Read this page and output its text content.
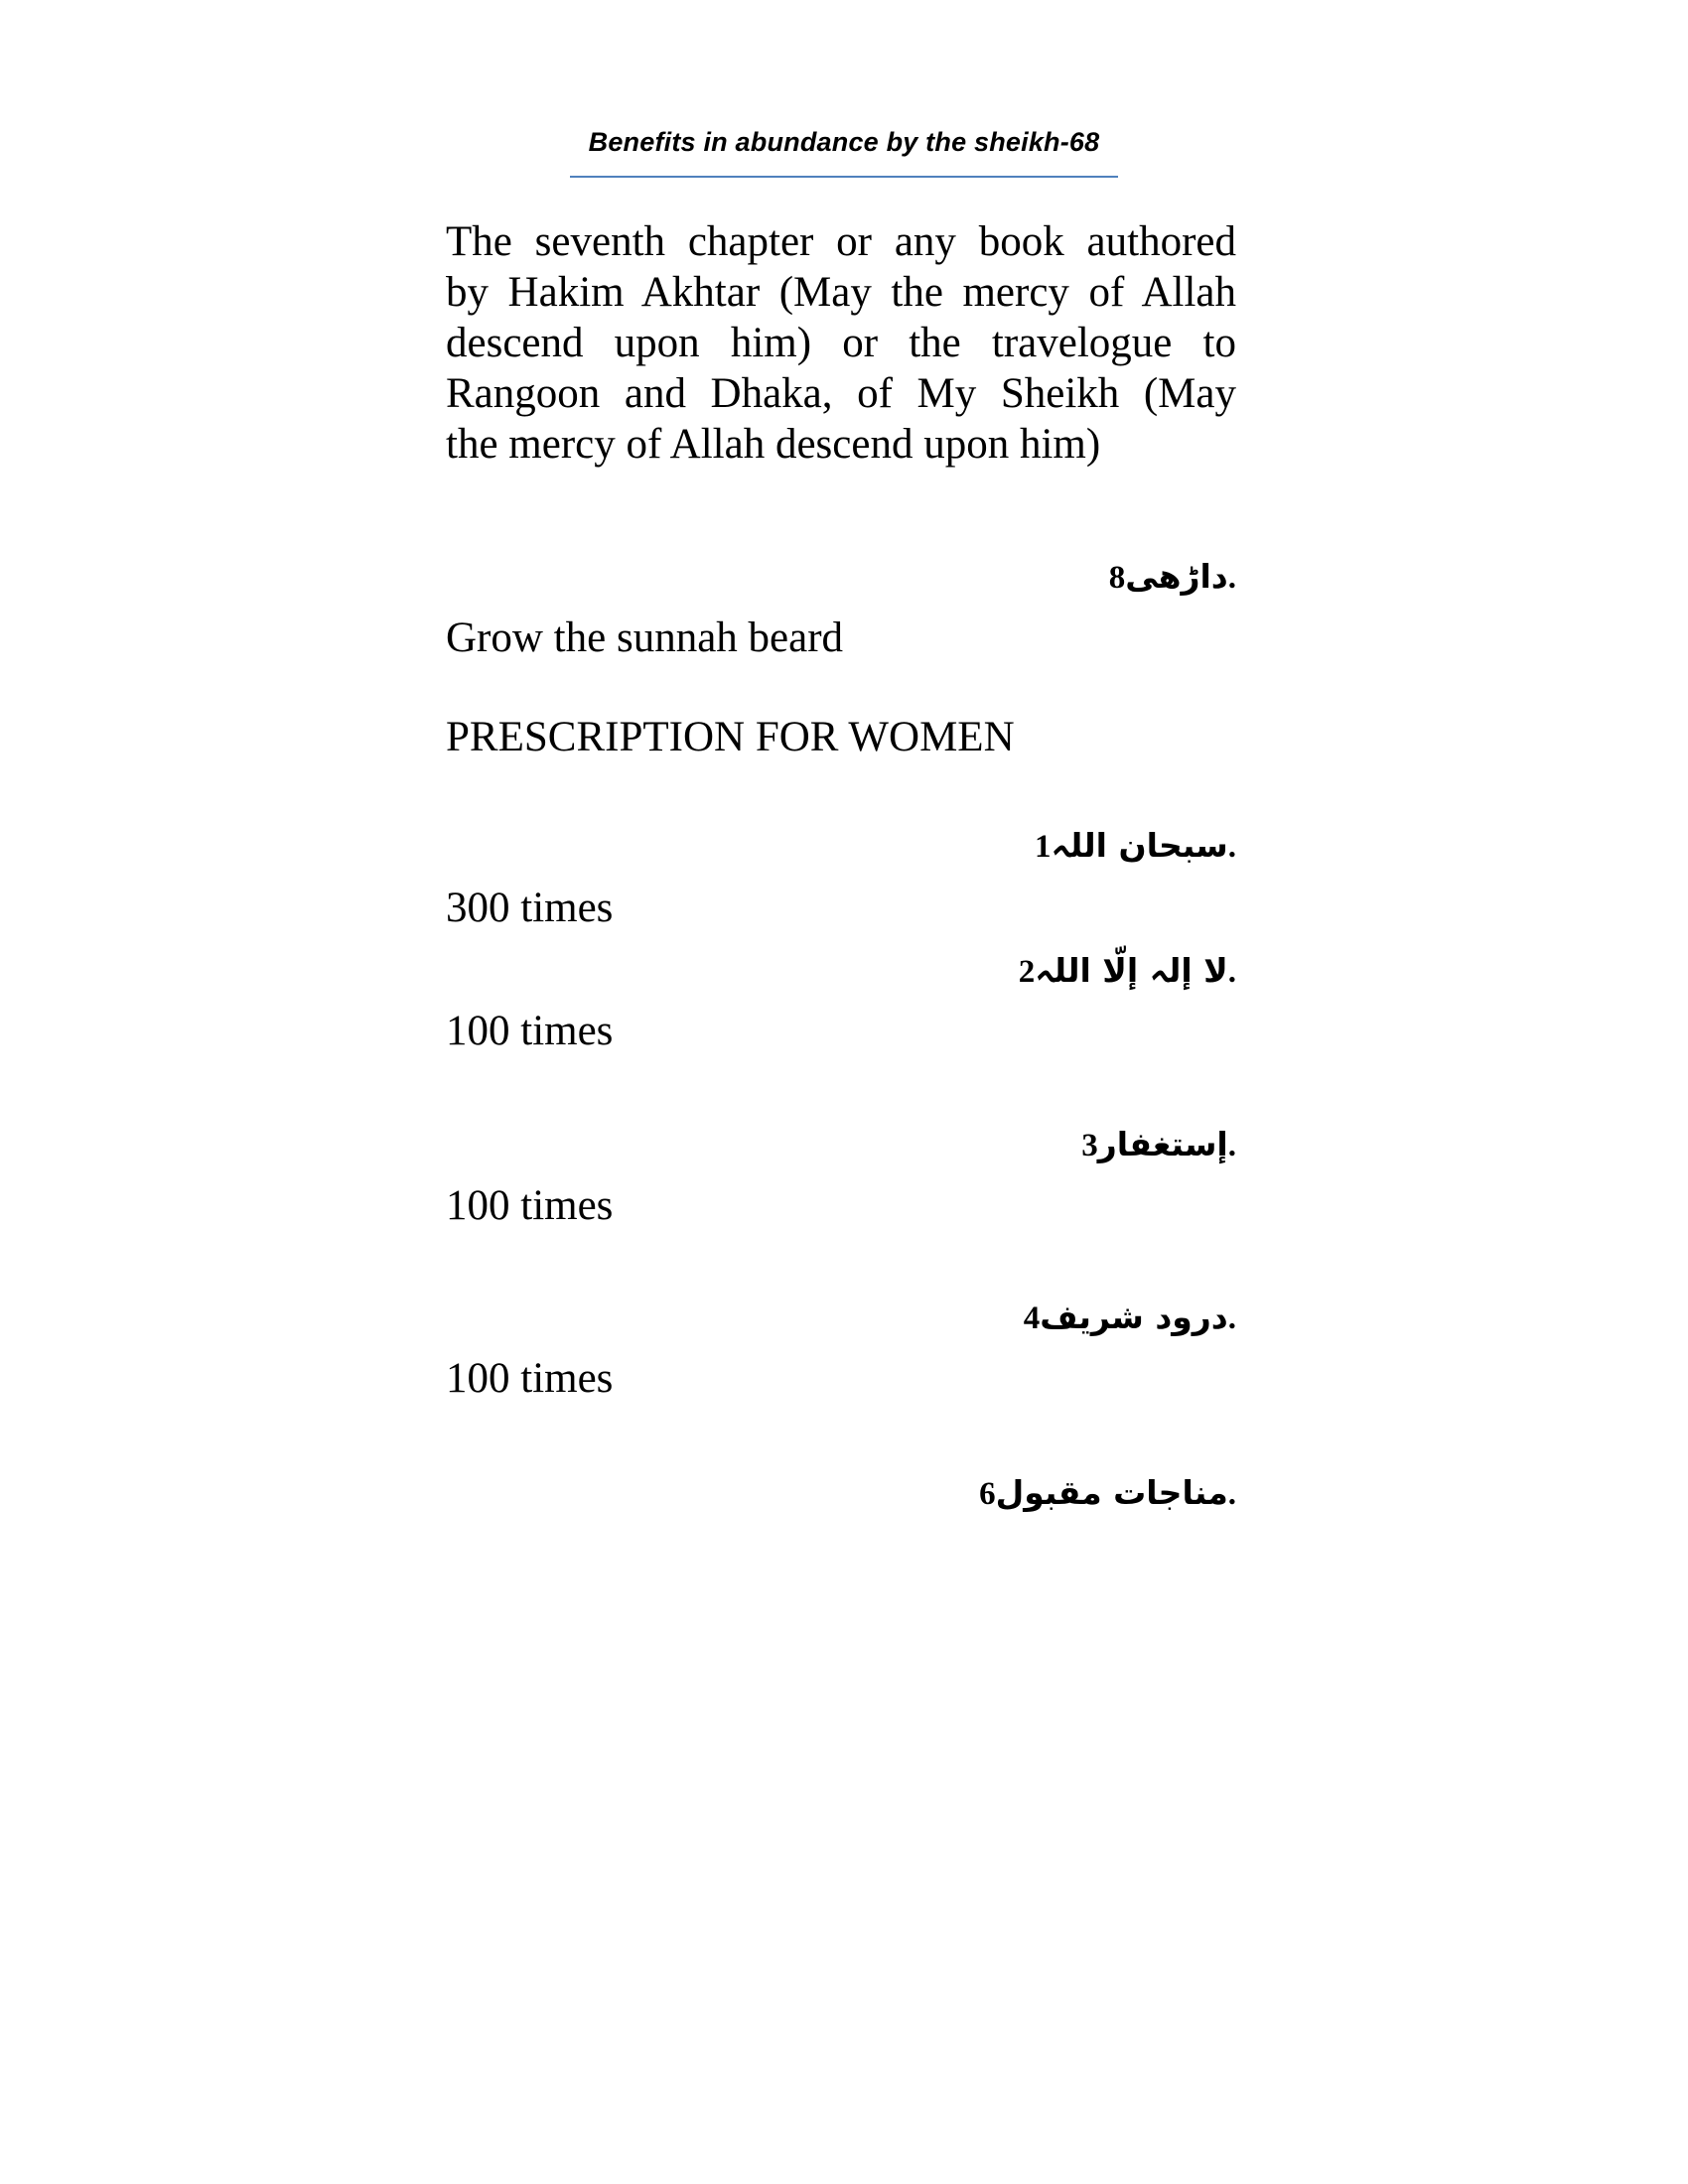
Benefits in abundance by the sheikh-68
The seventh chapter or any book authored
by Hakim Akhtar (May the mercy of Allah
descend upon him) or the travelogue to
Rangoon and Dhaka, of My Sheikh (May
the mercy of Allah descend upon him)
داڑھی8.
Grow the sunnah beard
PRESCRIPTION FOR WOMEN
سبحان اللہ1.
300 times
لا إلہ إلّا اللہ2.
100 times
إستغفار3.
100 times
درود شریف4.
100 times
مناجات مقبول6.
